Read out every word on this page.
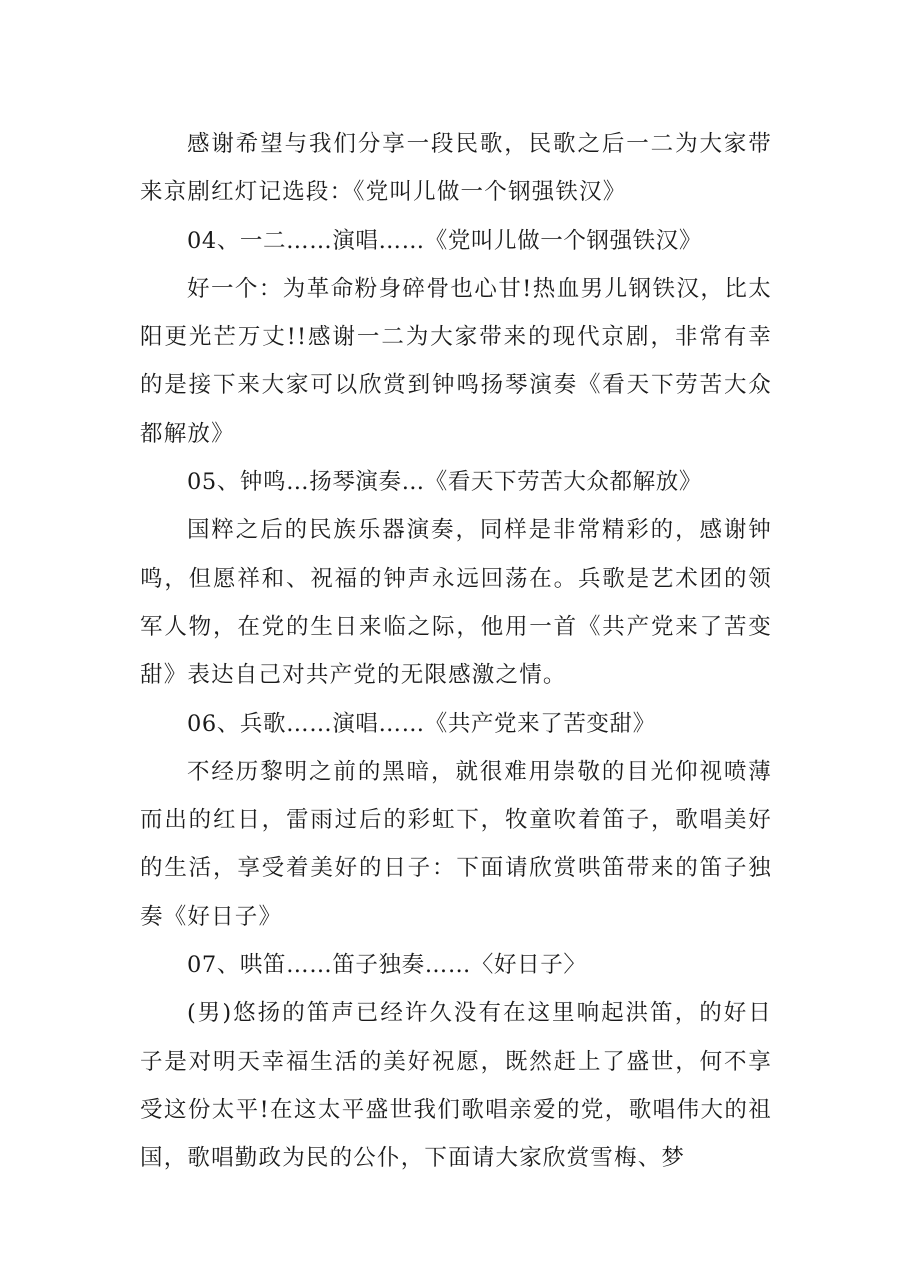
感谢希望与我们分享一段民歌，民歌之后一二为大家带来京剧红灯记选段：《党叫儿做一个钢强铁汉》

04、一二……演唱……《党叫儿做一个钢强铁汉》

好一个：为革命粉身碎骨也心甘!热血男儿钢铁汉，比太阳更光芒万丈!!感谢一二为大家带来的现代京剧，非常有幸的是接下来大家可以欣赏到钟鸣扬琴演奏《看天下劳苦大众都解放》

05、钟鸣…扬琴演奏…《看天下劳苦大众都解放》

国粹之后的民族乐器演奏，同样是非常精彩的，感谢钟鸣，但愿祥和、祝福的钟声永远回荡在。兵歌是艺术团的领军人物，在党的生日来临之际，他用一首《共产党来了苦变甜》表达自己对共产党的无限感激之情。

06、兵歌……演唱……《共产党来了苦变甜》

不经历黎明之前的黑暗，就很难用崇敬的目光仰视喷薄而出的红日，雷雨过后的彩虹下，牧童吹着笛子，歌唱美好的生活，享受着美好的日子：下面请欣赏哄笛带来的笛子独奏《好日子》

07、哄笛……笛子独奏……〈好日子〉

(男)悠扬的笛声已经许久没有在这里响起洪笛，的好日子是对明天幸福生活的美好祝愿，既然赶上了盛世，何不享受这份太平!在这太平盛世我们歌唱亲爱的党，歌唱伟大的祖国，歌唱勤政为民的公仆，下面请大家欣赏雪梅、梦
